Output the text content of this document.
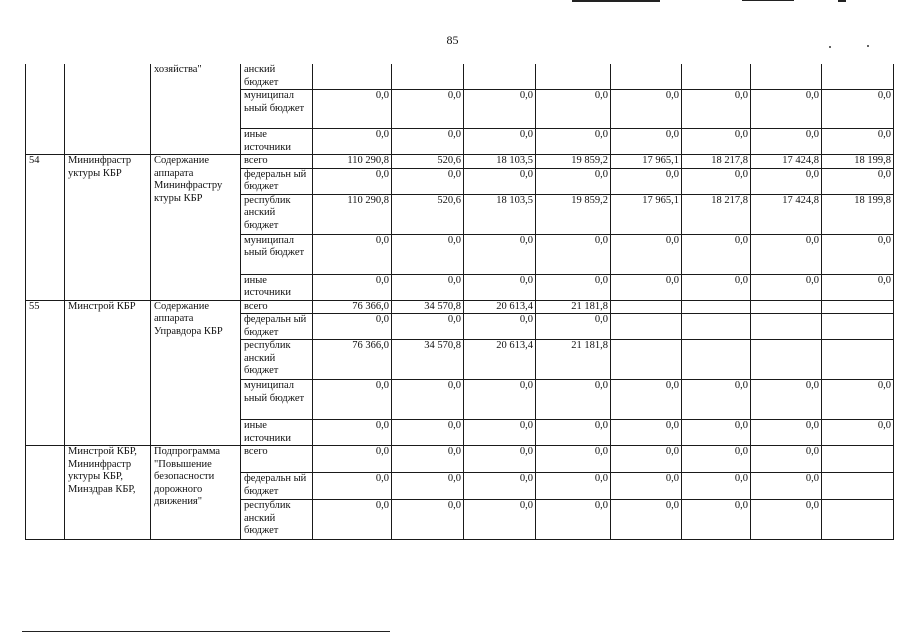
85
		хозяйства"	анский бюджет								
			муниципал ьный бюджет	0,0	0,0	0,0	0,0	0,0	0,0	0,0	0,0
			иные источники	0,0	0,0	0,0	0,0	0,0	0,0	0,0	0,0
54	Мининфрастр уктуры КБР	Содержание аппарата Мининфрастру ктуры КБР	всего	110 290,8	520,6	18 103,5	19 859,2	17 965,1	18 217,8	17 424,8	18 199,8
			федеральн ый бюджет	0,0	0,0	0,0	0,0	0,0	0,0	0,0	0,0
			республик анский бюджет	110 290,8	520,6	18 103,5	19 859,2	17 965,1	18 217,8	17 424,8	18 199,8
			муниципал ьный бюджет	0,0	0,0	0,0	0,0	0,0	0,0	0,0	0,0
			иные источники	0,0	0,0	0,0	0,0	0,0	0,0	0,0	0,0
55	Минстрой КБР	Содержание аппарата Управдора КБР	всего	76 366,0	34 570,8	20 613,4	21 181,8				
			федеральн ый бюджет	0,0	0,0	0,0	0,0				
			республик анский бюджет	76 366,0	34 570,8	20 613,4	21 181,8				
			муниципал ьный бюджет	0,0	0,0	0,0	0,0	0,0	0,0	0,0	0,0
			иные источники	0,0	0,0	0,0	0,0	0,0	0,0	0,0	0,0
	Минстрой КБР, Мининфрастр уктуры КБР, Минздрав КБР,	Подпрограмма "Повышение безопасности дорожного движения"	всего	0,0	0,0	0,0	0,0	0,0	0,0	0,0	
			федеральн ый бюджет	0,0	0,0	0,0	0,0	0,0	0,0	0,0	
			республик анский бюджет	0,0	0,0	0,0	0,0	0,0	0,0	0,0	
